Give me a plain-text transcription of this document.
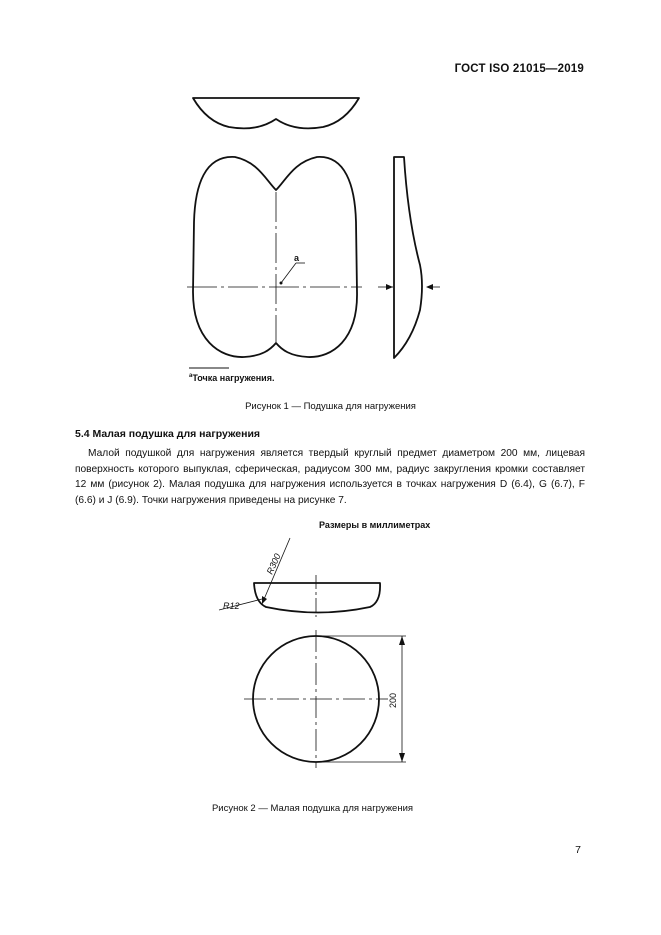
ГОСТ ISO 21015—2019
a
$^a$Точка нагружения.
Рисунок 1 — Подушка для нагружения
5.4 Малая подушка для нагружения

Малой подушкой для нагружения является твердый круглый предмет диаметром 200 мм, лицевая поверхность которого выпуклая, сферическая, радиусом 300 мм, радиус закругления кромки составляет 12 мм (рисунок 2). Малая подушка для нагружения используется в точках нагружения D (6.4), G (6.7), F (6.6) и J (6.9). Точки нагружения приведены на рисунке 7.

Размеры в миллиметрах
R300
R12
200
Рисунок 2 — Малая подушка для нагружения
7
